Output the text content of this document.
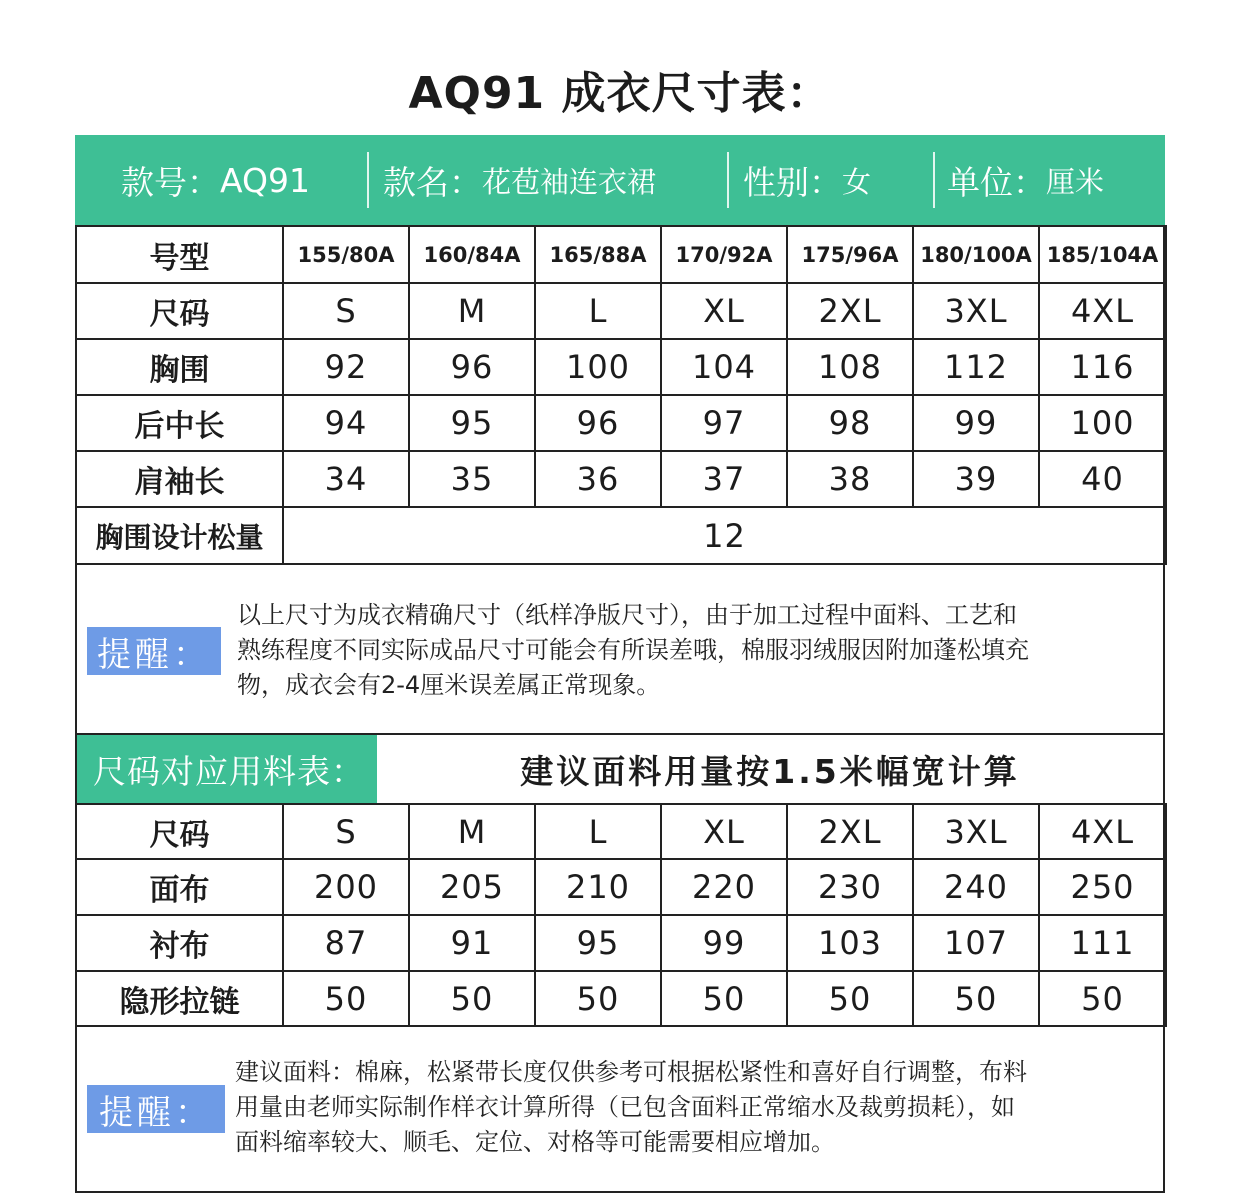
AQ91 成衣尺寸表：
款号： AQ91 款名： 花苞袖连衣裙	性别： 女 单位： 厘米
号型	155/80A	160/84A	165/88A	170/92A	175/96A	180/100A	185/104A
尺码	S	M	L	XL	2XL	3XL	4XL
胸围	92	96	100	104	108	112	116
后中长	94	95	96	97	98	99	100
肩袖长	34	35	36	37	38	39	40
胸围设计松量	12						
提醒：
以上尺寸为成衣精确尺寸（纸样净版尺寸），由于加工过程中面料、工艺和
熟练程度不同实际成品尺寸可能会有所误差哦，棉服羽绒服因附加蓬松填充
物，成衣会有2-4厘米误差属正常现象。
尺码对应用料表：	建议面料用量按1.5米幅宽计算
尺码	S	M	L	XL	2XL	3XL	4XL
面布	200	205	210	220	230	240	250
衬布	87	91	95	99	103	107	111
隐形拉链	50	50	50	50	50	50	50
提醒：
建议面料：棉麻，松紧带长度仅供参考可根据松紧性和喜好自行调整，布料
用量由老师实际制作样衣计算所得（已包含面料正常缩水及裁剪损耗），如
面料缩率较大、顺毛、定位、对格等可能需要相应增加。
